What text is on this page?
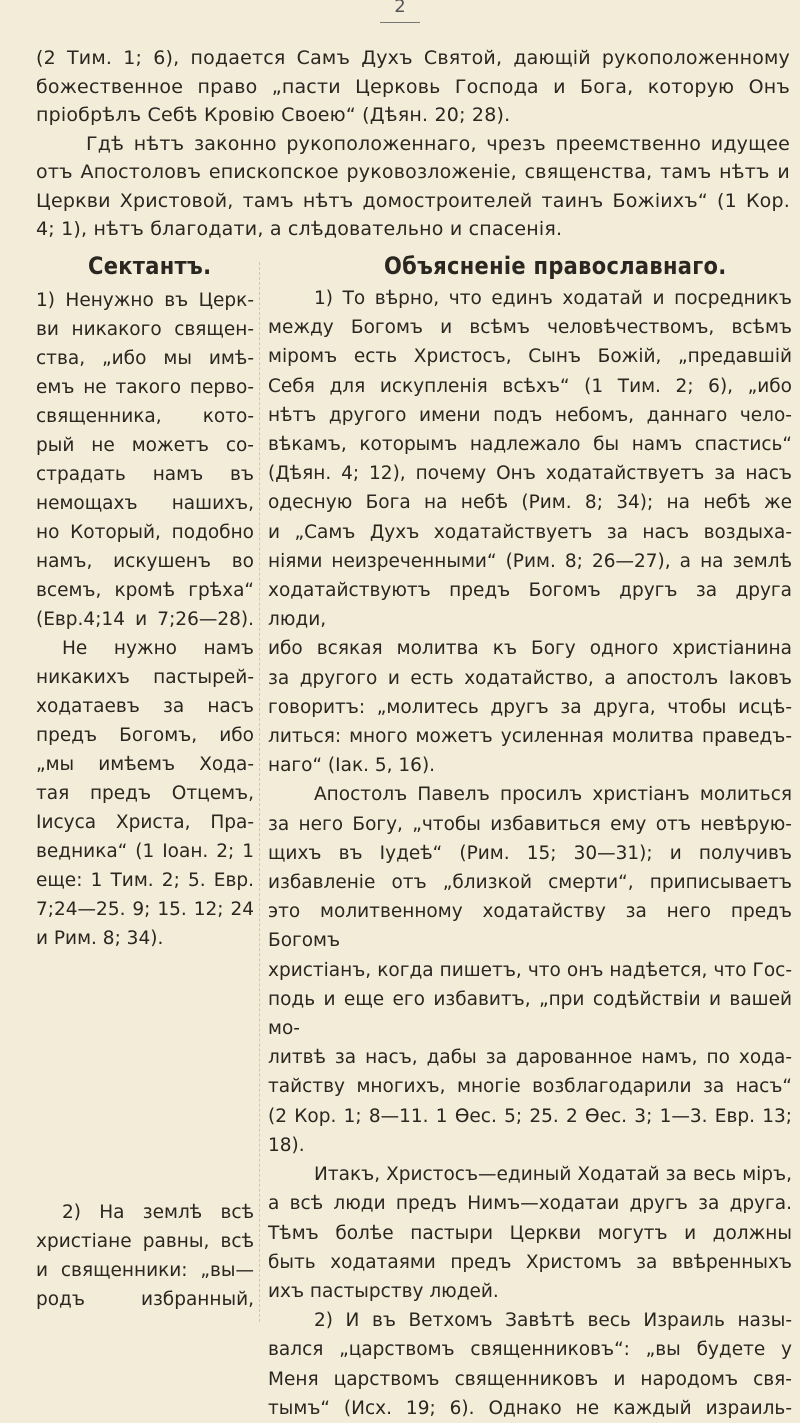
2

(2 Тим. 1; 6), подается Самъ Духъ Святой, дающій рукоположенному

божественное право „пасти Церковь Господа и Бога, которую Онъ

пріобрѣлъ Себѣ Кровію Своею“ (Дѣян. 20; 28).

Гдѣ нѣтъ законно рукоположеннаго, чрезъ преемственно идущее

отъ Апостоловъ епископское руковозложеніе, священства, тамъ нѣтъ и

Церкви Христовой, тамъ нѣтъ домостроителей таинъ Божіихъ“ (1 Кор.

4; 1), нѣтъ благодати, а слѣдовательно и спасенія.

Сектантъ.	Объясненіе православнаго.

1) Ненужно въ Церк-

ви никакого священ-

ства, „ибо мы имѣ-

емъ не такого перво-

священника, кото-

рый не можетъ со-

страдать намъ въ

немощахъ нашихъ,

но Который, подобно

намъ, искушенъ во

всемъ, кромѣ грѣха“

(Евр.4;14 и 7;26—28).

Не нужно намъ

никакихъ пастырей-

ходатаевъ за насъ

предъ Богомъ, ибо

„мы имѣемъ Хода-

тая предъ Отцемъ,

Іисуса Христа, Пра-

ведника“ (1 Іоан. 2; 1

еще: 1 Тим. 2; 5. Евр.

7;24—25. 9; 15. 12; 24

и Рим. 8; 34).

2) На землѣ всѣ

христіане равны, всѣ

и священники: „вы—

родъ избранный,

1) То вѣрно, что единъ ходатай и посредникъ

между Богомъ и всѣмъ человѣчествомъ, всѣмъ

міромъ есть Христосъ, Сынъ Божій, „предавшій

Себя для искупленія всѣхъ“ (1 Тим. 2; 6), „ибо

нѣтъ другого имени подъ небомъ, даннаго чело-

вѣкамъ, которымъ надлежало бы намъ спастись“

(Дѣян. 4; 12), почему Онъ ходатайствуетъ за насъ

одесную Бога на небѣ (Рим. 8; 34); на небѣ же

и „Самъ Духъ ходатайствуетъ за насъ воздыха-

ніями неизреченными“ (Рим. 8; 26—27), а на землѣ

ходатайствуютъ предъ Богомъ другъ за друга люди,

ибо всякая молитва къ Богу одного христіанина

за другого и есть ходатайство, а апостолъ Іаковъ

говоритъ: „молитесь другъ за друга, чтобы исцѣ-

литься: много можетъ усиленная молитва праведъ-

наго“ (Іак. 5, 16).

Апостолъ Павелъ просилъ христіанъ молиться

за него Богу, „чтобы избавиться ему отъ невѣрую-

щихъ въ Іудеѣ“ (Рим. 15; 30—31); и получивъ

избавленіе отъ „близкой смерти“, приписываетъ

это молитвенному ходатайству за него предъ Богомъ

христіанъ, когда пишетъ, что онъ надѣется, что Гос-

подь и еще его избавитъ, „при содѣйствіи и вашей мо-

литвѣ за насъ, дабы за дарованное намъ, по хода-

тайству многихъ, многіе возблагодарили за насъ“

(2 Кор. 1; 8—11. 1 Ѳес. 5; 25. 2 Ѳес. 3; 1—3. Евр. 13; 18).

Итакъ, Христосъ—единый Ходатай за весь міръ,

а всѣ люди предъ Нимъ—ходатаи другъ за друга.

Тѣмъ болѣе пастыри Церкви могутъ и должны

быть ходатаями предъ Христомъ за ввѣренныхъ

ихъ пастырству людей.

2) И въ Ветхомъ Завѣтѣ весь Израиль назы-

вался „царствомъ священниковъ“: „вы будете у

Меня царствомъ священниковъ и народомъ свя-

тымъ“ (Исх. 19; 6). Однако не каждый израиль-
